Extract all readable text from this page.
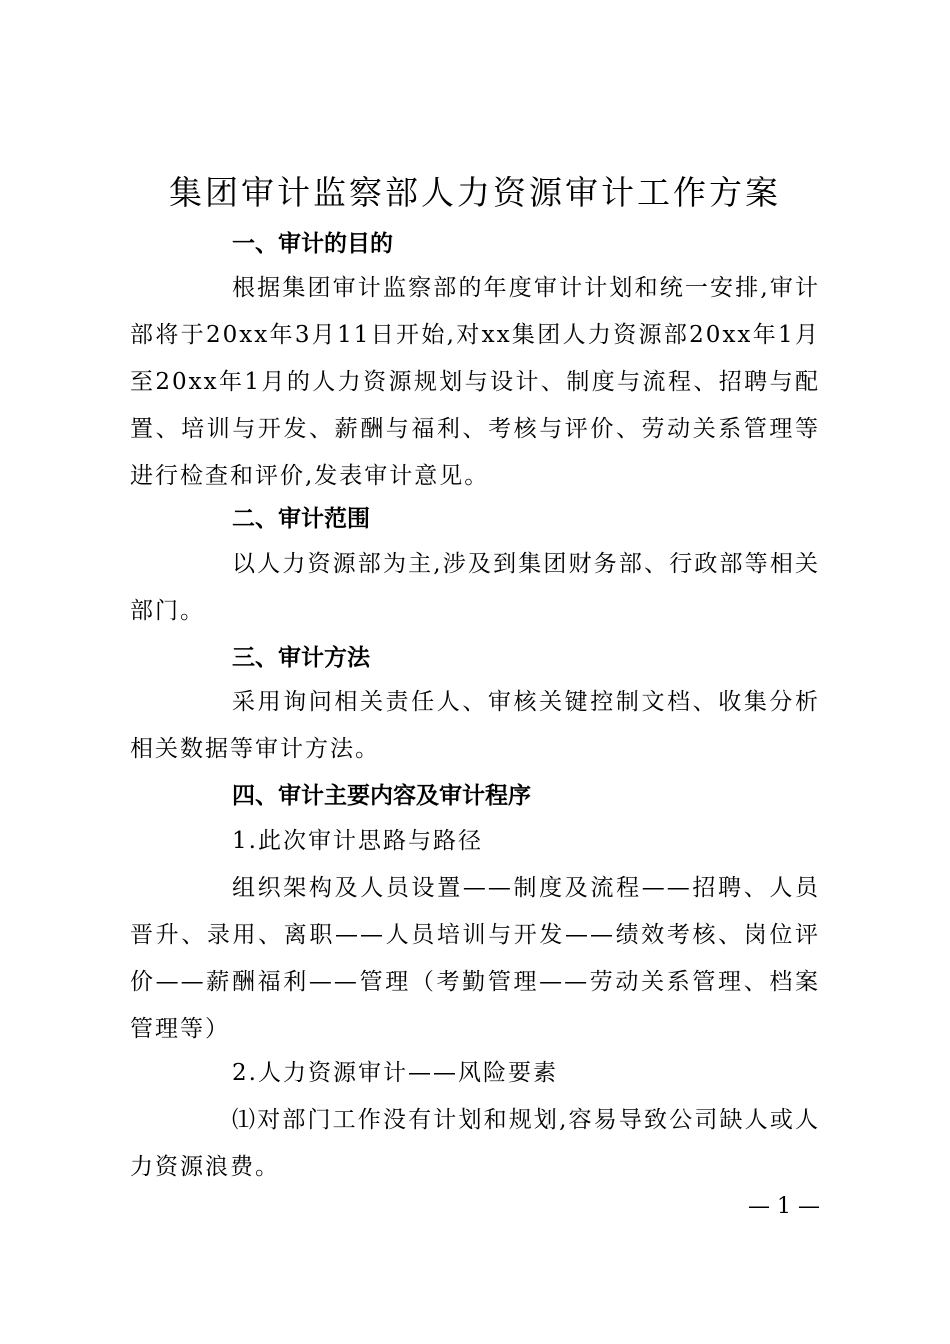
集团审计监察部人力资源审计工作方案
一、审计的目的

根据集团审计监察部的年度审计计划和统一安排,审计部将于20xx年3月11日开始,对xx集团人力资源部20xx年1月至20xx年1月的人力资源规划与设计、制度与流程、招聘与配置、培训与开发、薪酬与福利、考核与评价、劳动关系管理等进行检查和评价,发表审计意见。

二、审计范围

以人力资源部为主,涉及到集团财务部、行政部等相关部门。

三、审计方法

采用询问相关责任人、审核关键控制文档、收集分析相关数据等审计方法。

四、审计主要内容及审计程序

1.此次审计思路与路径

组织架构及人员设置——制度及流程——招聘、人员晋升、录用、离职——人员培训与开发——绩效考核、岗位评价——薪酬福利——管理（考勤管理——劳动关系管理、档案管理等）

2.人力资源审计——风险要素

⑴对部门工作没有计划和规划,容易导致公司缺人或人力资源浪费。

— 1 —
